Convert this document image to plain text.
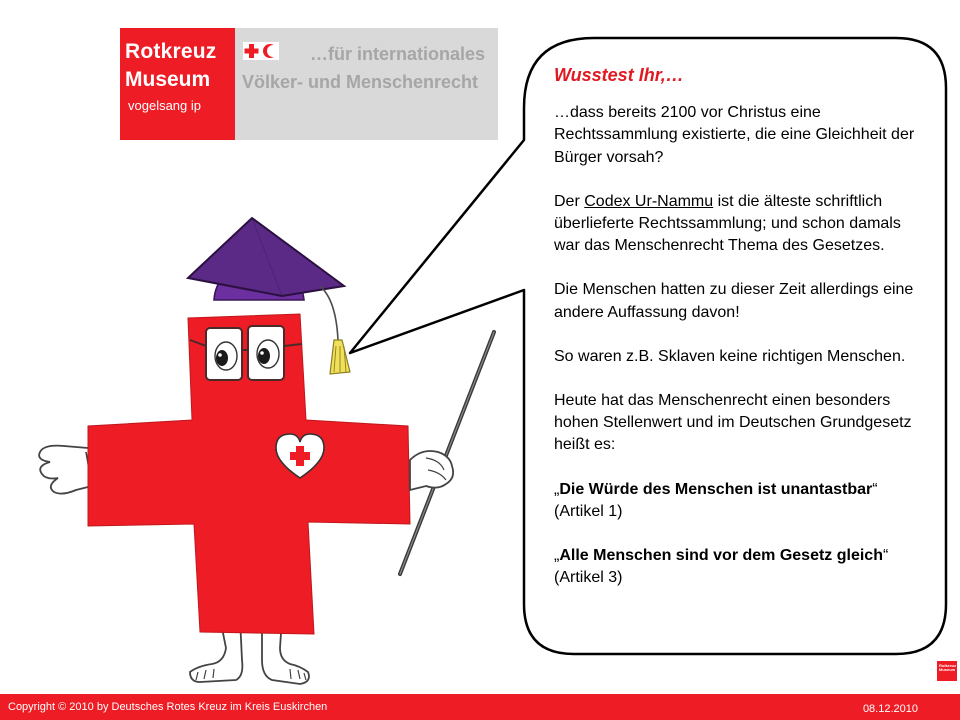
Rotkreuz
Museum
vogelsang ip
…für internationales
Völker- und Menschenrecht	Wusstest Ihr,…

…dass bereits 2100 vor Christus eine Rechtssammlung existierte, die eine Gleichheit der Bürger vorsah?

Der Codex Ur-Nammu ist die älteste schriftlich überlieferte Rechtssammlung; und schon damals war das Menschenrecht Thema des Gesetzes.

Die Menschen hatten zu dieser Zeit allerdings eine andere Auffassung davon!

So waren z.B. Sklaven keine richtigen Menschen.

Heute hat das Menschenrecht einen besonders hohen Stellenwert und im Deutschen Grundgesetz heißt es:

„Die Würde des Menschen ist unantastbar“ (Artikel 1)

„Alle Menschen sind vor dem Gesetz gleich“ (Artikel 3)

Rotkreuz Museum
Copyright © 2010 by Deutsches Rotes Kreuz im Kreis Euskirchen	08.12.2010
